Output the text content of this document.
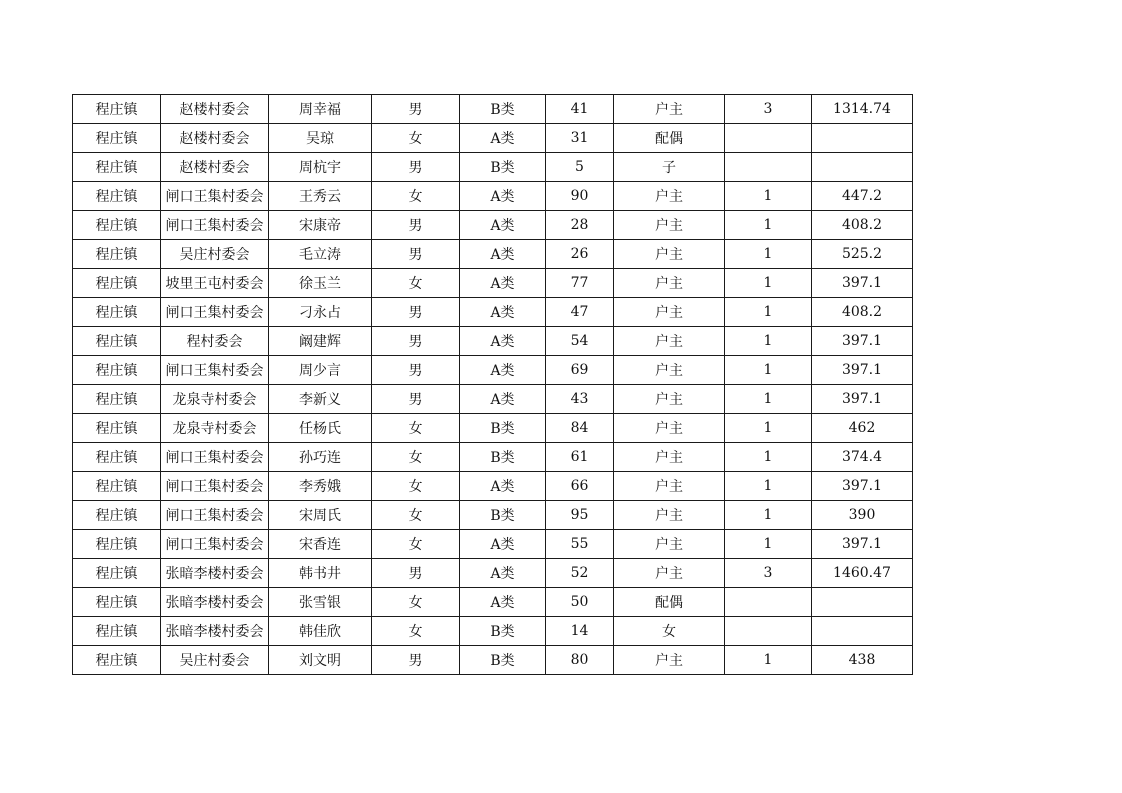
程庄镇	赵楼村委会	周幸福	男	B类	41	户主	3	1314.74
程庄镇	赵楼村委会	吴琼	女	A类	31	配偶		
程庄镇	赵楼村委会	周杭宇	男	B类	5	子		
程庄镇	闸口王集村委会	王秀云	女	A类	90	户主	1	447.2
程庄镇	闸口王集村委会	宋康帝	男	A类	28	户主	1	408.2
程庄镇	吴庄村委会	毛立涛	男	A类	26	户主	1	525.2
程庄镇	坡里王屯村委会	徐玉兰	女	A类	77	户主	1	397.1
程庄镇	闸口王集村委会	刁永占	男	A类	47	户主	1	408.2
程庄镇	程村委会	阚建辉	男	A类	54	户主	1	397.1
程庄镇	闸口王集村委会	周少言	男	A类	69	户主	1	397.1
程庄镇	龙泉寺村委会	李新义	男	A类	43	户主	1	397.1
程庄镇	龙泉寺村委会	任杨氏	女	B类	84	户主	1	462
程庄镇	闸口王集村委会	孙巧连	女	B类	61	户主	1	374.4
程庄镇	闸口王集村委会	李秀娥	女	A类	66	户主	1	397.1
程庄镇	闸口王集村委会	宋周氏	女	B类	95	户主	1	390
程庄镇	闸口王集村委会	宋香连	女	A类	55	户主	1	397.1
程庄镇	张暗李楼村委会	韩书井	男	A类	52	户主	3	1460.47
程庄镇	张暗李楼村委会	张雪银	女	A类	50	配偶		
程庄镇	张暗李楼村委会	韩佳欣	女	B类	14	女		
程庄镇	吴庄村委会	刘文明	男	B类	80	户主	1	438
